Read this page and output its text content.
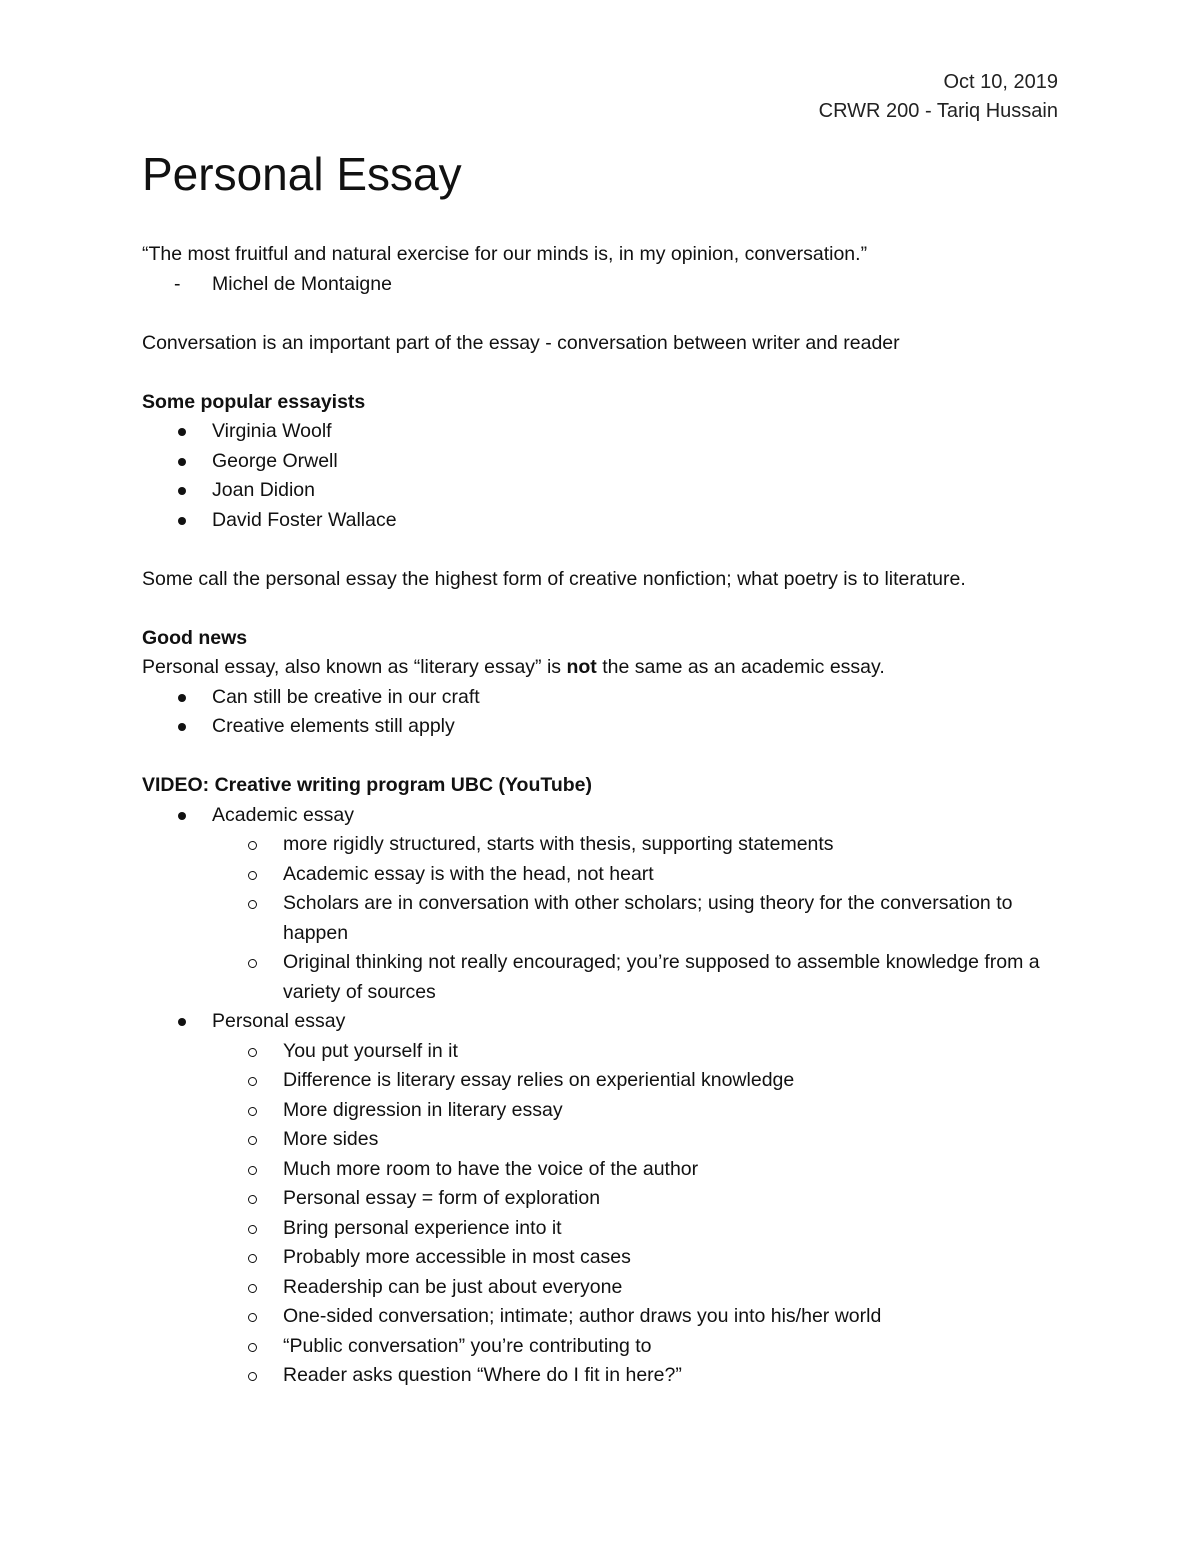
Oct 10, 2019
CRWR 200 - Tariq Hussain
Personal Essay

“The most fruitful and natural exercise for our minds is, in my opinion, conversation.”

- Michel de Montaigne

Conversation is an important part of the essay - conversation between writer and reader

Some popular essayists

Virginia Woolf
George Orwell
Joan Didion
David Foster Wallace

Some call the personal essay the highest form of creative nonfiction; what poetry is to literature.

Good news

Personal essay, also known as “literary essay” is not the same as an academic essay.

Can still be creative in our craft
Creative elements still apply

VIDEO: Creative writing program UBC (YouTube)

Academic essay
more rigidly structured, starts with thesis, supporting statements
Academic essay is with the head, not heart
Scholars are in conversation with other scholars; using theory for the conversation to happen
Original thinking not really encouraged; you’re supposed to assemble knowledge from a variety of sources
Personal essay
You put yourself in it
Difference is literary essay relies on experiential knowledge
More digression in literary essay
More sides
Much more room to have the voice of the author
Personal essay = form of exploration
Bring personal experience into it
Probably more accessible in most cases
Readership can be just about everyone
One-sided conversation; intimate; author draws you into his/her world
“Public conversation” you’re contributing to
Reader asks question “Where do I fit in here?”
